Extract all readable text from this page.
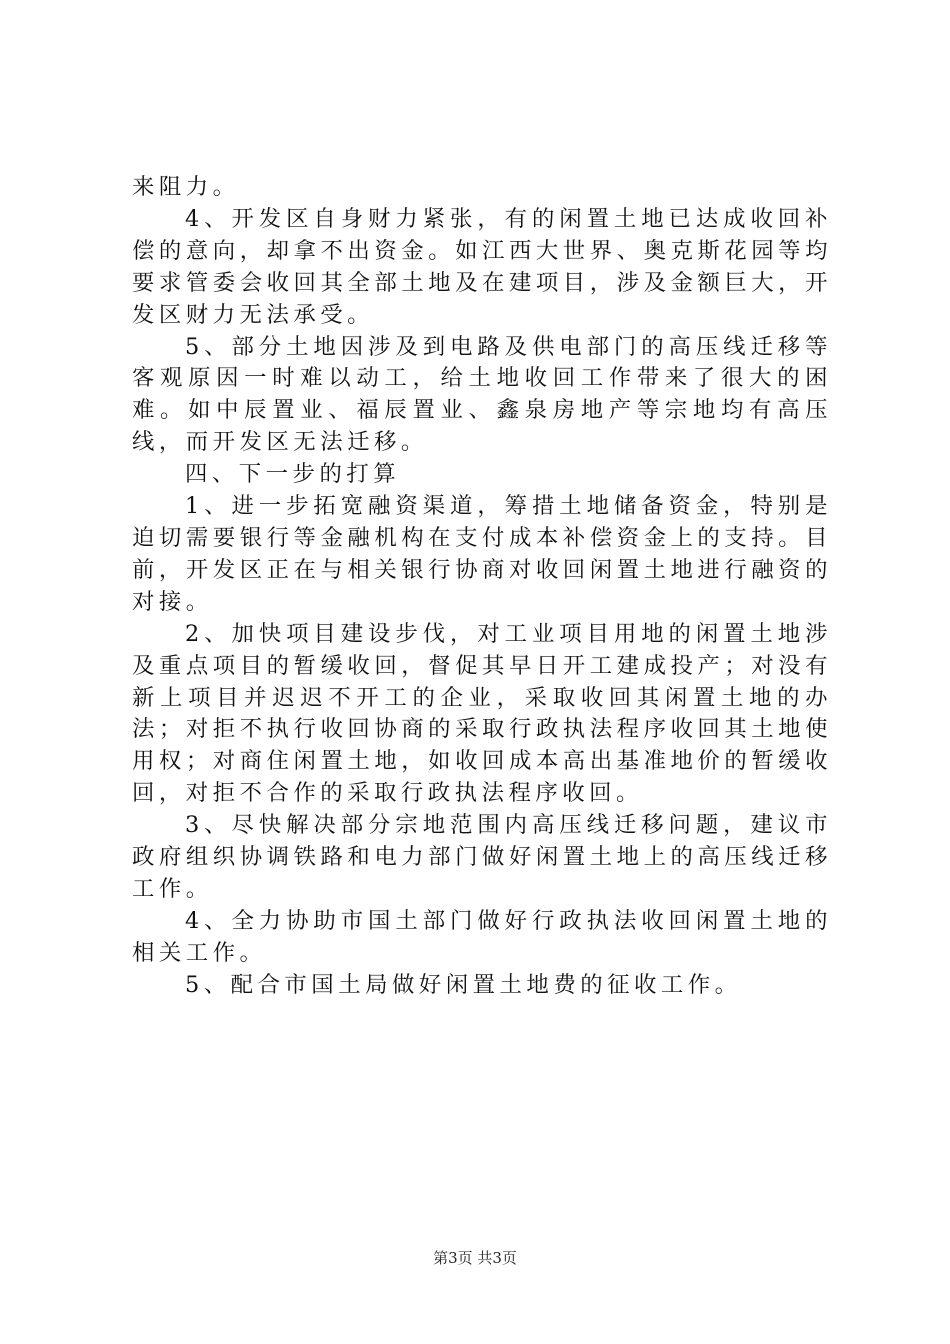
来阻力。

4、开发区自身财力紧张，有的闲置土地已达成收回补偿的意向，却拿不出资金。如江西大世界、奥克斯花园等均要求管委会收回其全部土地及在建项目，涉及金额巨大，开发区财力无法承受。

5、部分土地因涉及到电路及供电部门的高压线迁移等客观原因一时难以动工，给土地收回工作带来了很大的困难。如中辰置业、福辰置业、鑫泉房地产等宗地均有高压线，而开发区无法迁移。

四、下一步的打算

1、进一步拓宽融资渠道，筹措土地储备资金，特别是迫切需要银行等金融机构在支付成本补偿资金上的支持。目前，开发区正在与相关银行协商对收回闲置土地进行融资的对接。

2、加快项目建设步伐，对工业项目用地的闲置土地涉及重点项目的暂缓收回，督促其早日开工建成投产；对没有新上项目并迟迟不开工的企业，采取收回其闲置土地的办法；对拒不执行收回协商的采取行政执法程序收回其土地使用权；对商住闲置土地，如收回成本高出基准地价的暂缓收回，对拒不合作的采取行政执法程序收回。

3、尽快解决部分宗地范围内高压线迁移问题，建议市政府组织协调铁路和电力部门做好闲置土地上的高压线迁移工作。

4、全力协助市国土部门做好行政执法收回闲置土地的相关工作。

5、配合市国土局做好闲置土地费的征收工作。

第3页 共3页
